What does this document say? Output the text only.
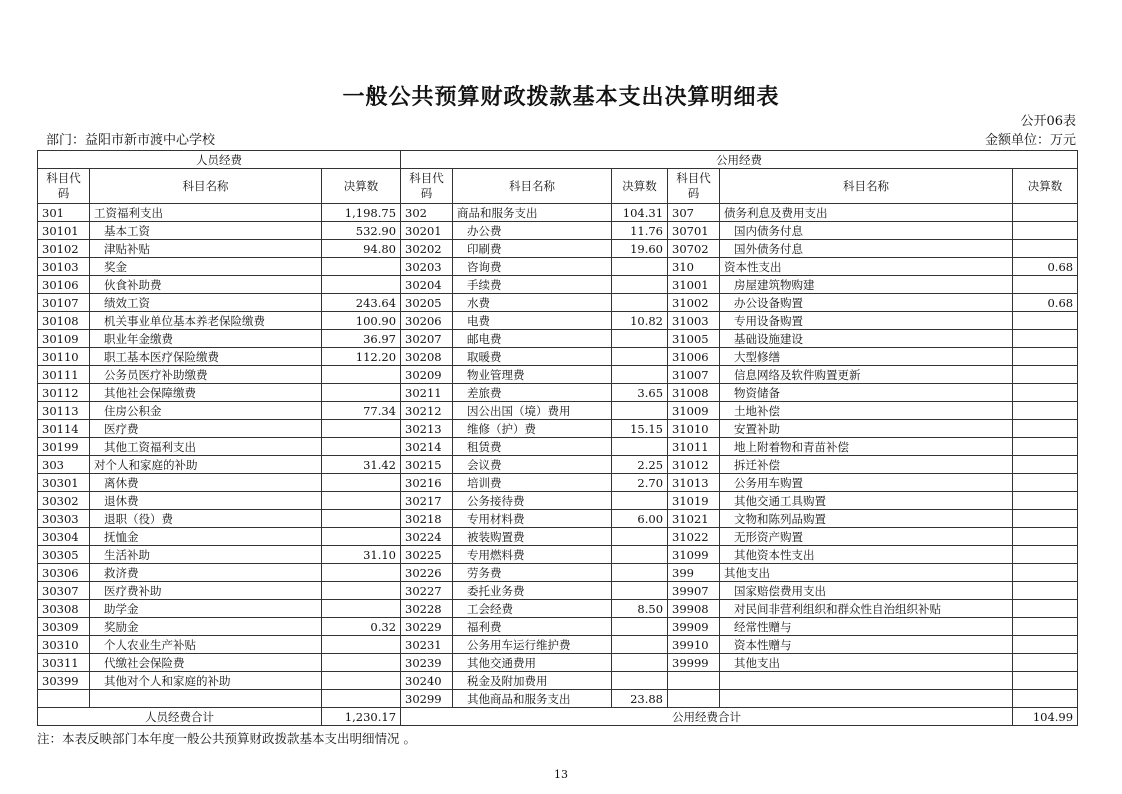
一般公共预算财政拨款基本支出决算明细表
公开06表
部门：益阳市新市渡中心学校	金额单位：万元
人员经费			公用经费					
科目代码	科目名称	决算数	科目代码	科目名称	决算数	科目代码	科目名称	决算数
301	工资福利支出	1,198.75	302	商品和服务支出	104.31	307	债务利息及费用支出	
30101	基本工资	532.90	30201	办公费	11.76	30701	国内债务付息	
30102	津贴补贴	94.80	30202	印刷费	19.60	30702	国外债务付息	
30103	奖金		30203	咨询费		310	资本性支出	0.68
30106	伙食补助费		30204	手续费		31001	房屋建筑物购建	
30107	绩效工资	243.64	30205	水费		31002	办公设备购置	0.68
30108	机关事业单位基本养老保险缴费	100.90	30206	电费	10.82	31003	专用设备购置	
30109	职业年金缴费	36.97	30207	邮电费		31005	基础设施建设	
30110	职工基本医疗保险缴费	112.20	30208	取暖费		31006	大型修缮	
30111	公务员医疗补助缴费		30209	物业管理费		31007	信息网络及软件购置更新	
30112	其他社会保障缴费		30211	差旅费	3.65	31008	物资储备	
30113	住房公积金	77.34	30212	因公出国（境）费用		31009	土地补偿	
30114	医疗费		30213	维修（护）费	15.15	31010	安置补助	
30199	其他工资福利支出		30214	租赁费		31011	地上附着物和青苗补偿	
303	对个人和家庭的补助	31.42	30215	会议费	2.25	31012	拆迁补偿	
30301	离休费		30216	培训费	2.70	31013	公务用车购置	
30302	退休费		30217	公务接待费		31019	其他交通工具购置	
30303	退职（役）费		30218	专用材料费	6.00	31021	文物和陈列品购置	
30304	抚恤金		30224	被装购置费		31022	无形资产购置	
30305	生活补助	31.10	30225	专用燃料费		31099	其他资本性支出	
30306	救济费		30226	劳务费		399	其他支出	
30307	医疗费补助		30227	委托业务费		39907	国家赔偿费用支出	
30308	助学金		30228	工会经费	8.50	39908	对民间非营利组织和群众性自治组织补贴	
30309	奖励金	0.32	30229	福利费		39909	经常性赠与	
30310	个人农业生产补贴		30231	公务用车运行维护费		39910	资本性赠与	
30311	代缴社会保险费		30239	其他交通费用		39999	其他支出	
30399	其他对个人和家庭的补助		30240	税金及附加费用				
			30299	其他商品和服务支出	23.88			
人员经费合计		1,230.17	公用经费合计					104.99
注：本表反映部门本年度一般公共预算财政拨款基本支出明细情况 。
13
